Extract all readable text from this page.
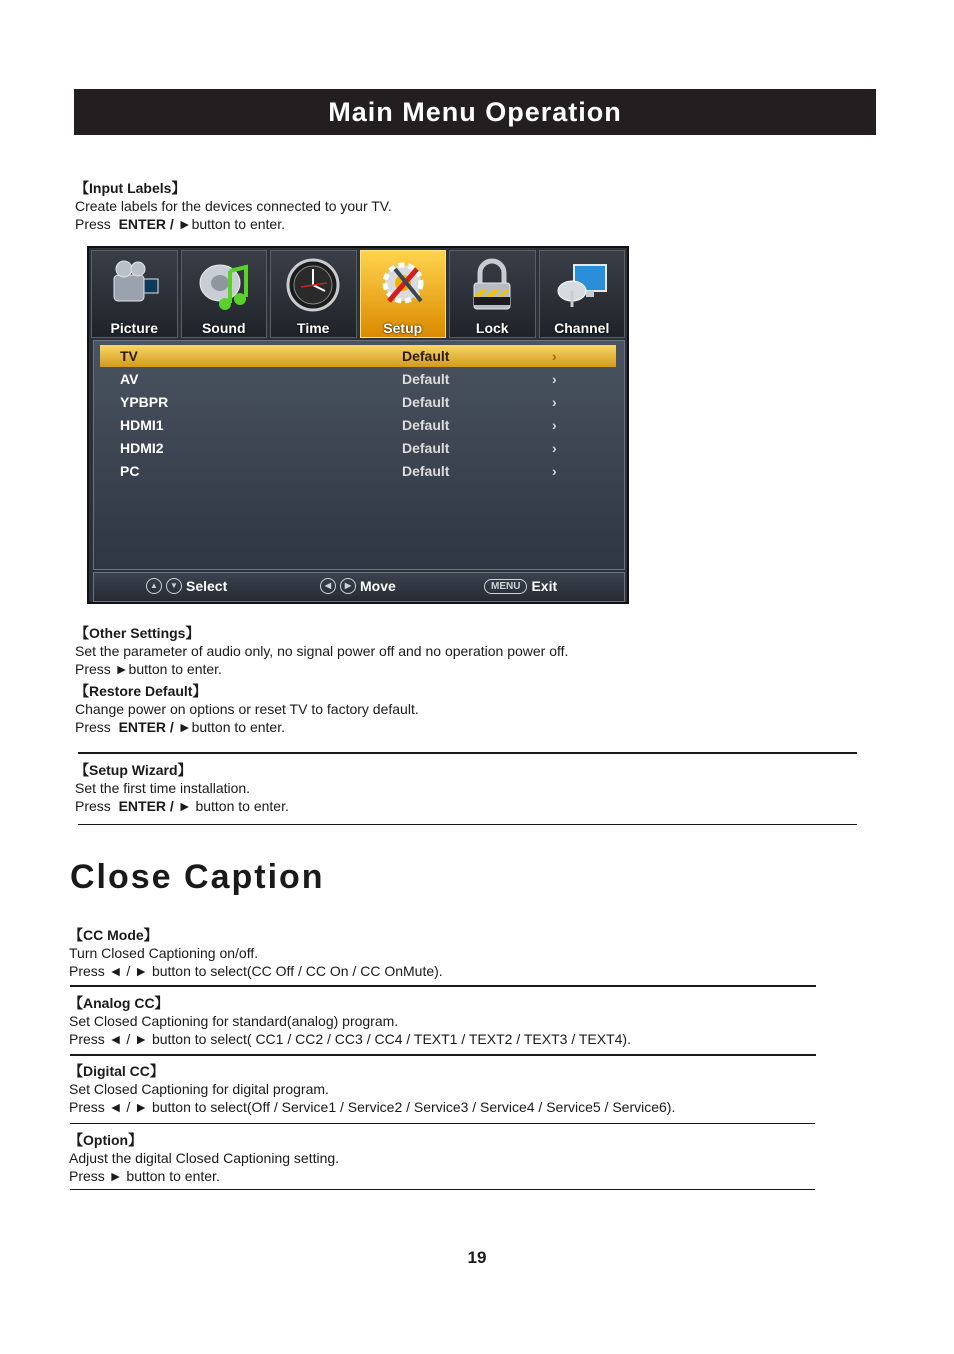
Main Menu Operation
【Input Labels】
Create labels for the devices connected to your TV.
Press ENTER / ►button to enter.
Picture	Sound	Time	Setup	Lock	Channel
TV	Default	›
AV	Default	›
YPBPR	Default	›
HDMI1	Default	›
HDMI2	Default	›
PC	Default	›
▲	▼ Select	◀	▶ Move	MENU Exit
【Other Settings】
Set the parameter of audio only, no signal power off and no operation power off.
Press ►button to enter.
【Restore Default】
Change power on options or reset TV to factory default.
Press ENTER / ►button to enter.
【Setup Wizard】
Set the first time installation.
Press ENTER / ► button to enter.
Close Caption
【CC Mode】
Turn Closed Captioning on/off.
Press ◄ / ► button to select(CC Off / CC On / CC OnMute).
【Analog CC】
Set Closed Captioning for standard(analog) program.
Press ◄ / ► button to select( CC1 / CC2 / CC3 / CC4 / TEXT1 / TEXT2 / TEXT3 / TEXT4).
【Digital CC】
Set Closed Captioning for digital program.
Press ◄ / ► button to select(Off / Service1 / Service2 / Service3 / Service4 / Service5 / Service6).
【Option】
Adjust the digital Closed Captioning setting.
Press ► button to enter.
19
